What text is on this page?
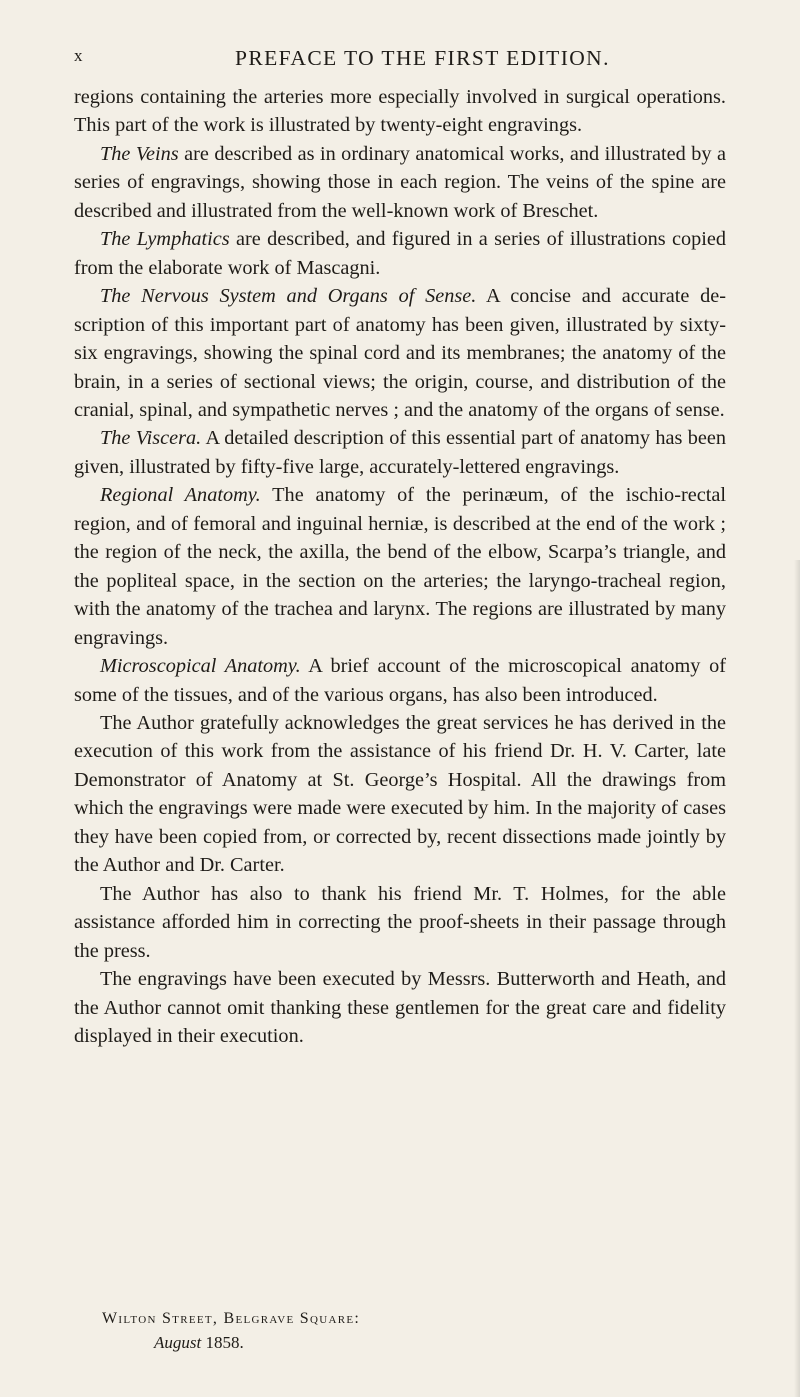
x	PREFACE TO THE FIRST EDITION.

regions containing the arteries more especially involved in surgical operations. This part of the work is illustrated by twenty-eight engravings.

The Veins are described as in ordinary anatomical works, and illustrated by a series of engravings, showing those in each region. The veins of the spine are described and illustrated from the well-known work of Breschet.

The Lymphatics are described, and figured in a series of illustrations copied from the elaborate work of Mascagni.

The Nervous System and Organs of Sense. A concise and accurate description of this important part of anatomy has been given, illustrated by sixty-six engravings, showing the spinal cord and its membranes; the anatomy of the brain, in a series of sectional views; the origin, course, and distribution of the cranial, spinal, and sympathetic nerves ; and the anatomy of the organs of sense.

The Viscera. A detailed description of this essential part of anatomy has been given, illustrated by fifty-five large, accurately-lettered engravings.

Regional Anatomy. The anatomy of the perinæum, of the ischio-rectal region, and of femoral and inguinal herniæ, is described at the end of the work ; the region of the neck, the axilla, the bend of the elbow, Scarpa’s triangle, and the popliteal space, in the section on the arteries; the laryngo-tracheal region, with the anatomy of the trachea and larynx. The regions are illustrated by many engravings.

Microscopical Anatomy. A brief account of the microscopical anatomy of some of the tissues, and of the various organs, has also been introduced.

The Author gratefully acknowledges the great services he has derived in the execution of this work from the assistance of his friend Dr. H. V. Carter, late Demonstrator of Anatomy at St. George’s Hospital. All the drawings from which the engravings were made were executed by him. In the majority of cases they have been copied from, or corrected by, recent dissections made jointly by the Author and Dr. Carter.

The Author has also to thank his friend Mr. T. Holmes, for the able assistance afforded him in correcting the proof-sheets in their passage through the press.

The engravings have been executed by Messrs. Butterworth and Heath, and the Author cannot omit thanking these gentlemen for the great care and fidelity displayed in their execution.

Wilton Street, Belgrave Square:
August 1858.
